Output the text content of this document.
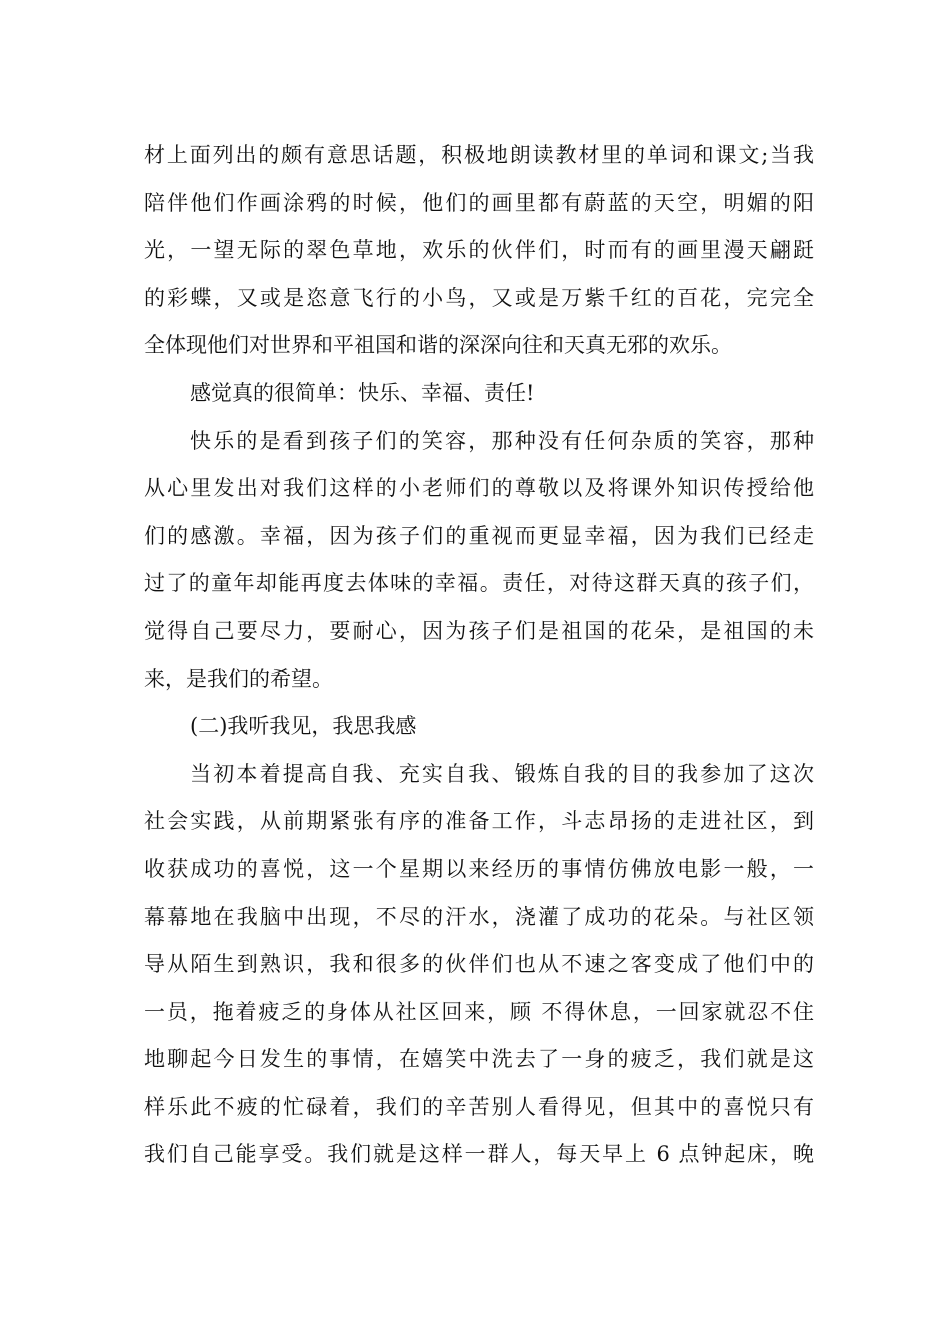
材上面列出的颇有意思话题，积极地朗读教材里的单词和课文;当我
陪伴他们作画涂鸦的时候，他们的画里都有蔚蓝的天空，明媚的阳
光，一望无际的翠色草地，欢乐的伙伴们，时而有的画里漫天翩跹
的彩蝶，又或是恣意飞行的小鸟，又或是万紫千红的百花，完完全
全体现他们对世界和平祖国和谐的深深向往和天真无邪的欢乐。
感觉真的很简单：快乐、幸福、责任!
快乐的是看到孩子们的笑容，那种没有任何杂质的笑容，那种
从心里发出对我们这样的小老师们的尊敬以及将课外知识传授给他
们的感激。幸福，因为孩子们的重视而更显幸福，因为我们已经走
过了的童年却能再度去体味的幸福。责任，对待这群天真的孩子们，
觉得自己要尽力，要耐心，因为孩子们是祖国的花朵，是祖国的未
来，是我们的希望。
(二)我听我见，我思我感
当初本着提高自我、充实自我、锻炼自我的目的我参加了这次
社会实践，从前期紧张有序的准备工作，斗志昂扬的走进社区，到
收获成功的喜悦，这一个星期以来经历的事情仿佛放电影一般，一
幕幕地在我脑中出现，不尽的汗水，浇灌了成功的花朵。与社区领
导从陌生到熟识，我和很多的伙伴们也从不速之客变成了他们中的
一员，拖着疲乏的身体从社区回来，顾 不得休息，一回家就忍不住
地聊起今日发生的事情，在嬉笑中洗去了一身的疲乏，我们就是这
样乐此不疲的忙碌着，我们的辛苦别人看得见，但其中的喜悦只有
我们自己能享受。我们就是这样一群人，每天早上 6 点钟起床，晚
